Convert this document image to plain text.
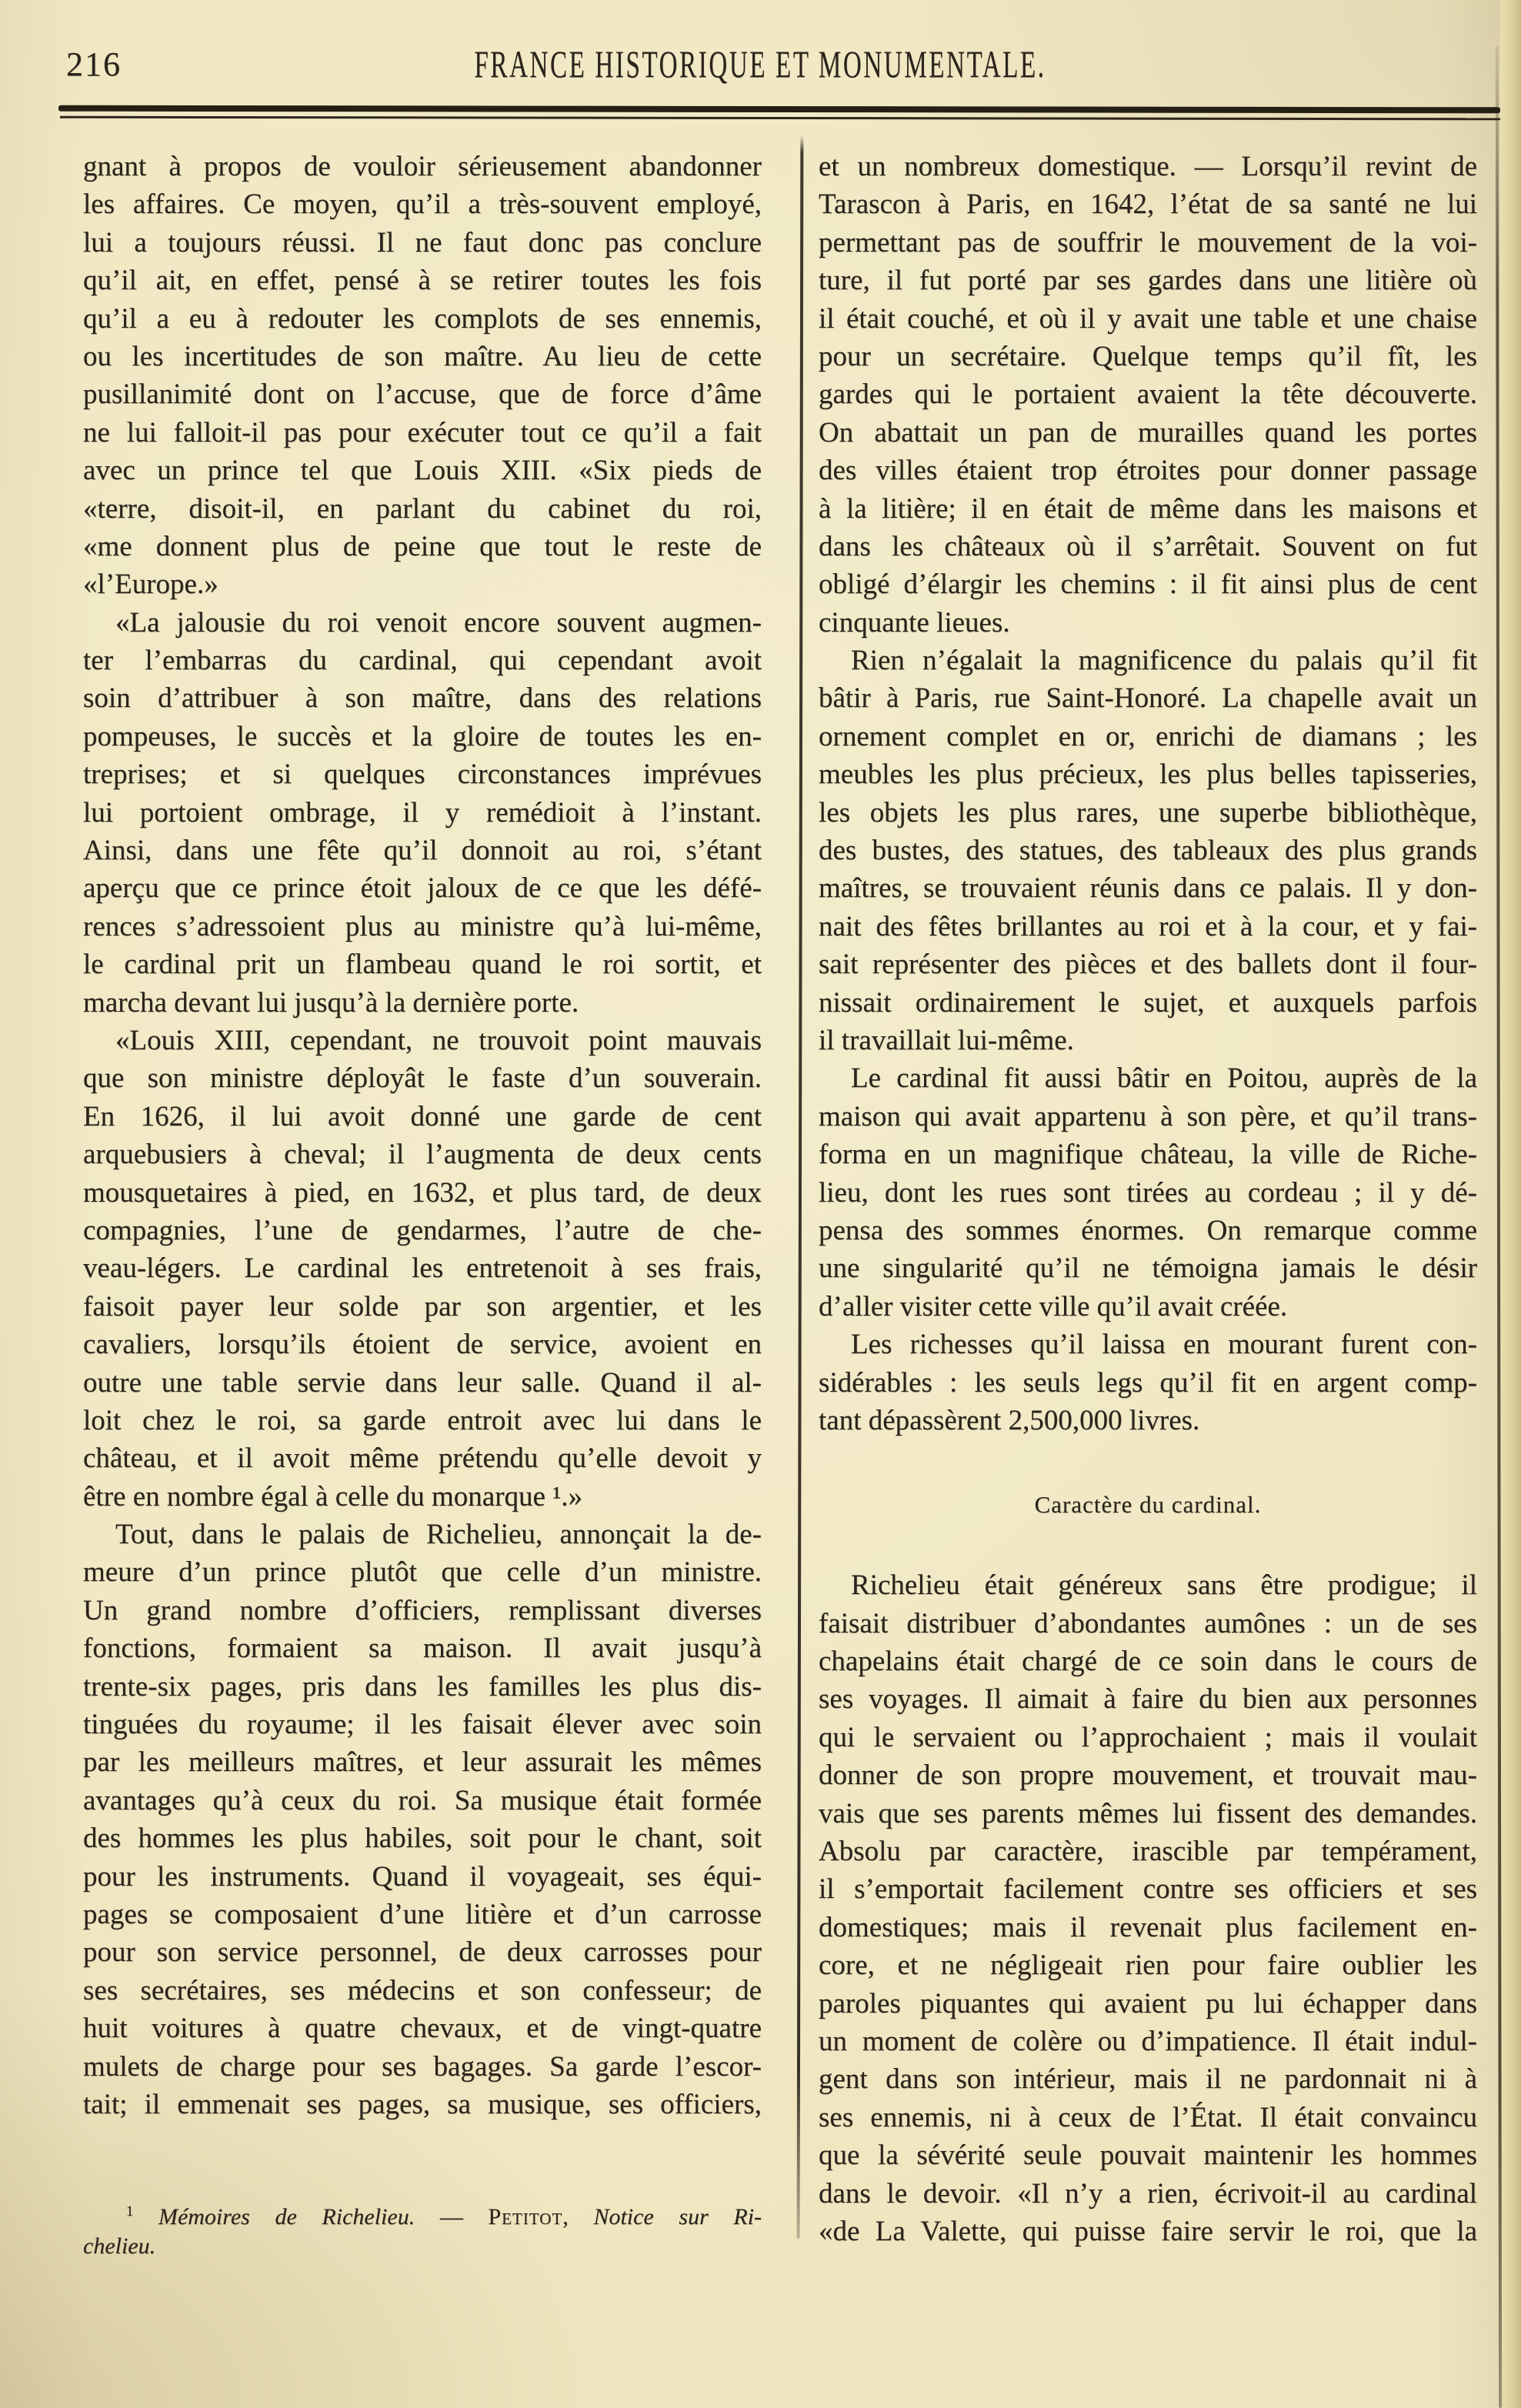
216	FRANCE HISTORIQUE ET MONUMENTALE.
gnant à propos de vouloir sérieusement abandonner
les affaires. Ce moyen, qu’il a très-souvent employé,
lui a toujours réussi. Il ne faut donc pas conclure
qu’il ait, en effet, pensé à se retirer toutes les fois
qu’il a eu à redouter les complots de ses ennemis,
ou les incertitudes de son maître. Au lieu de cette
pusillanimité dont on l’accuse, que de force d’âme
ne lui falloit-il pas pour exécuter tout ce qu’il a fait
avec un prince tel que Louis XIII. «Six pieds de
«terre, disoit-il, en parlant du cabinet du roi,
«me donnent plus de peine que tout le reste de
«l’Europe.»
«La jalousie du roi venoit encore souvent augmen-
ter l’embarras du cardinal, qui cependant avoit
soin d’attribuer à son maître, dans des relations
pompeuses, le succès et la gloire de toutes les en-
treprises; et si quelques circonstances imprévues
lui portoient ombrage, il y remédioit à l’instant.
Ainsi, dans une fête qu’il donnoit au roi, s’étant
aperçu que ce prince étoit jaloux de ce que les défé-
rences s’adressoient plus au ministre qu’à lui-même,
le cardinal prit un flambeau quand le roi sortit, et
marcha devant lui jusqu’à la dernière porte.
«Louis XIII, cependant, ne trouvoit point mauvais
que son ministre déployât le faste d’un souverain.
En 1626, il lui avoit donné une garde de cent
arquebusiers à cheval; il l’augmenta de deux cents
mousquetaires à pied, en 1632, et plus tard, de deux
compagnies, l’une de gendarmes, l’autre de che-
veau-légers. Le cardinal les entretenoit à ses frais,
faisoit payer leur solde par son argentier, et les
cavaliers, lorsqu’ils étoient de service, avoient en
outre une table servie dans leur salle. Quand il al-
loit chez le roi, sa garde entroit avec lui dans le
château, et il avoit même prétendu qu’elle devoit y
être en nombre égal à celle du monarque ¹.»
Tout, dans le palais de Richelieu, annonçait la de-
meure d’un prince plutôt que celle d’un ministre.
Un grand nombre d’officiers, remplissant diverses
fonctions, formaient sa maison. Il avait jusqu’à
trente-six pages, pris dans les familles les plus dis-
tinguées du royaume; il les faisait élever avec soin
par les meilleurs maîtres, et leur assurait les mêmes
avantages qu’à ceux du roi. Sa musique était formée
des hommes les plus habiles, soit pour le chant, soit
pour les instruments. Quand il voyageait, ses équi-
pages se composaient d’une litière et d’un carrosse
pour son service personnel, de deux carrosses pour
ses secrétaires, ses médecins et son confesseur; de
huit voitures à quatre chevaux, et de vingt-quatre
mulets de charge pour ses bagages. Sa garde l’escor-
tait; il emmenait ses pages, sa musique, ses officiers,
$^1$ Mémoires de Richelieu. — Petitot, Notice sur Ri-
chelieu.
et un nombreux domestique. — Lorsqu’il revint de
Tarascon à Paris, en 1642, l’état de sa santé ne lui
permettant pas de souffrir le mouvement de la voi-
ture, il fut porté par ses gardes dans une litière où
il était couché, et où il y avait une table et une chaise
pour un secrétaire. Quelque temps qu’il fît, les
gardes qui le portaient avaient la tête découverte.
On abattait un pan de murailles quand les portes
des villes étaient trop étroites pour donner passage
à la litière; il en était de même dans les maisons et
dans les châteaux où il s’arrêtait. Souvent on fut
obligé d’élargir les chemins : il fit ainsi plus de cent
cinquante lieues.
Rien n’égalait la magnificence du palais qu’il fit
bâtir à Paris, rue Saint-Honoré. La chapelle avait un
ornement complet en or, enrichi de diamans ; les
meubles les plus précieux, les plus belles tapisseries,
les objets les plus rares, une superbe bibliothèque,
des bustes, des statues, des tableaux des plus grands
maîtres, se trouvaient réunis dans ce palais. Il y don-
nait des fêtes brillantes au roi et à la cour, et y fai-
sait représenter des pièces et des ballets dont il four-
nissait ordinairement le sujet, et auxquels parfois
il travaillait lui-même.
Le cardinal fit aussi bâtir en Poitou, auprès de la
maison qui avait appartenu à son père, et qu’il trans-
forma en un magnifique château, la ville de Riche-
lieu, dont les rues sont tirées au cordeau ; il y dé-
pensa des sommes énormes. On remarque comme
une singularité qu’il ne témoigna jamais le désir
d’aller visiter cette ville qu’il avait créée.
Les richesses qu’il laissa en mourant furent con-
sidérables : les seuls legs qu’il fit en argent comp-
tant dépassèrent 2,500,000 livres.
Caractère du cardinal.
Richelieu était généreux sans être prodigue; il
faisait distribuer d’abondantes aumônes : un de ses
chapelains était chargé de ce soin dans le cours de
ses voyages. Il aimait à faire du bien aux personnes
qui le servaient ou l’approchaient ; mais il voulait
donner de son propre mouvement, et trouvait mau-
vais que ses parents mêmes lui fissent des demandes.
Absolu par caractère, irascible par tempérament,
il s’emportait facilement contre ses officiers et ses
domestiques; mais il revenait plus facilement en-
core, et ne négligeait rien pour faire oublier les
paroles piquantes qui avaient pu lui échapper dans
un moment de colère ou d’impatience. Il était indul-
gent dans son intérieur, mais il ne pardonnait ni à
ses ennemis, ni à ceux de l’État. Il était convaincu
que la sévérité seule pouvait maintenir les hommes
dans le devoir. «Il n’y a rien, écrivoit-il au cardinal
«de La Valette, qui puisse faire servir le roi, que la
